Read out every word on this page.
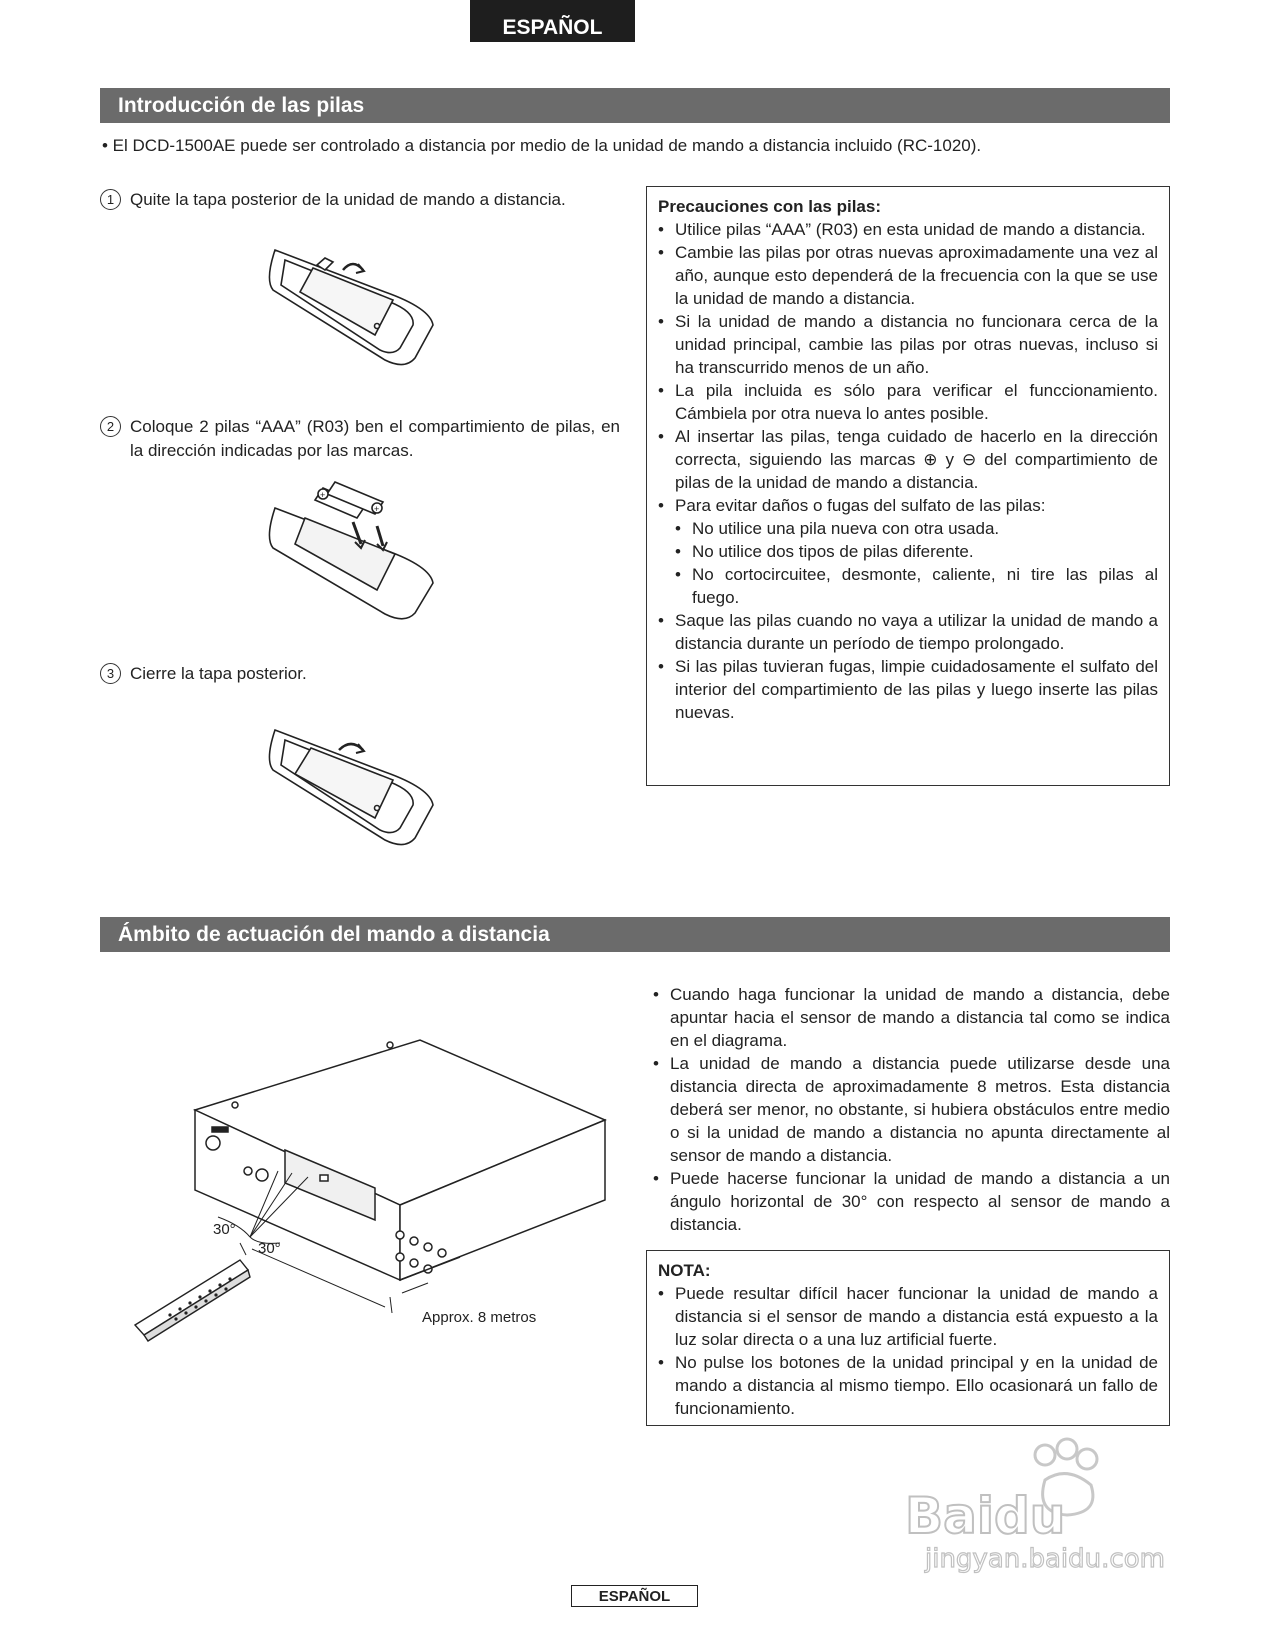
ESPAÑOL
Introducción de las pilas
• El DCD-1500AE puede ser controlado a distancia por medio de la unidad de mando a distancia incluido (RC-1020).
1 Quite la tapa posterior de la unidad de mando a distancia.
2 Coloque 2 pilas “AAA” (R03) ben el compartimiento de pilas, en la dirección indicadas por las marcas.
+
+
3 Cierre la tapa posterior.
Precauciones con las pilas:
• Utilice pilas “AAA” (R03) en esta unidad de mando a distancia.
• Cambie las pilas por otras nuevas aproximadamente una vez al año, aunque esto dependerá de la frecuencia con la que se use la unidad de mando a distancia.
• Si la unidad de mando a distancia no funcionara cerca de la unidad principal, cambie las pilas por otras nuevas, incluso si ha transcurrido menos de un año.
• La pila incluida es sólo para verificar el funccionamiento. Cámbiela por otra nueva lo antes posible.
• Al insertar las pilas, tenga cuidado de hacerlo en la dirección correcta, siguiendo las marcas ⊕ y ⊖ del compartimiento de pilas de la unidad de mando a distancia.
• Para evitar daños o fugas del sulfato de las pilas:
• No utilice una pila nueva con otra usada.
• No utilice dos tipos de pilas diferente.
• No cortocircuitee, desmonte, caliente, ni tire las pilas al fuego.
• Saque las pilas cuando no vaya a utilizar la unidad de mando a distancia durante un período de tiempo prolongado.
• Si las pilas tuvieran fugas, limpie cuidadosamente el sulfato del interior del compartimiento de las pilas y luego inserte las pilas nuevas.
Ámbito de actuación del mando a distancia
30°
30°
Approx. 8 metros
• Cuando haga funcionar la unidad de mando a distancia, debe apuntar hacia el sensor de mando a distancia tal como se indica en el diagrama.
• La unidad de mando a distancia puede utilizarse desde una distancia directa de aproximadamente 8 metros. Esta distancia deberá ser menor, no obstante, si hubiera obstáculos entre medio o si la unidad de mando a distancia no apunta directamente al sensor de mando a distancia.
• Puede hacerse funcionar la unidad de mando a distancia a un ángulo horizontal de 30° con respecto al sensor de mando a distancia.
NOTA:
• Puede resultar difícil hacer funcionar la unidad de mando a distancia si el sensor de mando a distancia está expuesto a la luz solar directa o a una luz artificial fuerte.
• No pulse los botones de la unidad principal y en la unidad de mando a distancia al mismo tiempo. Ello ocasionará un fallo de funcionamiento.
Baidu
jingyan.baidu.com
ESPAÑOL
